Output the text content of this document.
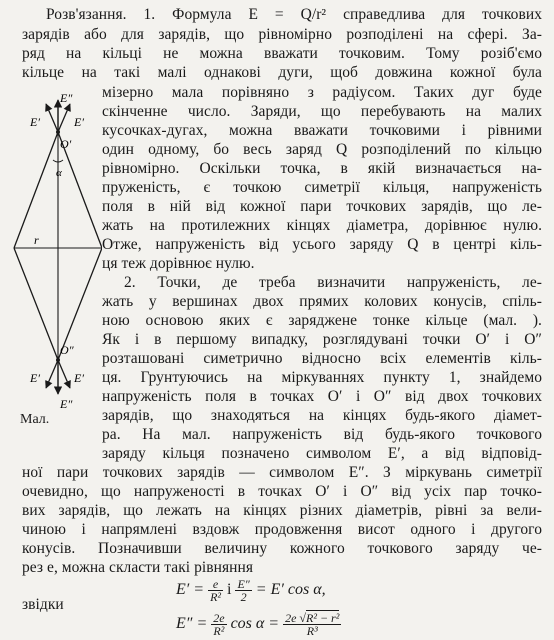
Розв'язання. 1. Формула E = Q/r² справедлива для точкових
зарядів або для зарядів, що рівномірно розподілені на сфері. За-
ряд на кільці не можна вважати точковим. Тому розіб'ємо
кільце на такі малі однакові дуги, щоб довжина кожної була
мізерно мала порівняно з радіусом. Таких дуг буде
скінченне число. Заряди, що перебувають на малих
кусочках-дугах, можна вважати точковими і рівними
один одному, бо весь заряд Q розподілений по кільцю
рівномірно. Оскільки точка, в якій визначається на-
пруженість, є точкою симетрії кільця, напруженість
поля в ній від кожної пари точкових зарядів, що ле-
жать на протилежних кінцях діаметра, дорівнює нулю.
Отже, напруженість від усього заряду Q в центрі кіль-
ця теж дорівнює нулю.
2. Точки, де треба визначити напруженість, ле-
жать у вершинах двох прямих колових конусів, спіль-
ною основою яких є заряджене тонке кільце (мал. ).
Як і в першому випадку, розглядувані точки O′ і O″
розташовані симетрично відносно всіх елементів кіль-
ця. Грунтуючись на міркуваннях пункту 1, знайдемо
напруженість поля в точках O′ і O″ від двох точкових
зарядів, що знаходяться на кінцях будь-якого діамет-
ра. На мал. напруженість від будь-якого точкового
заряду кільця позначено символом E′, а від відповід-
ної пари точкових зарядів — символом E″. З міркувань симетрії
очевидно, що напруженості в точках O′ і O″ від усіх пар точко-
вих зарядів, що лежать на кінцях різних діаметрів, рівні за вели-
чиною і напрямлені вздовж продовження висот одного і другого
конусів. Позначивши величину кожного точкового заряду че-
рез e, можна скласти такі рівняння
E″
E′	E′
O′
α
r
O″
E′	E′
E″
Мал.
$E' = \frac{e}{\text{R²}}$ і $\frac{E''}{2} = E'$ cos α,
звідки
$E'' = \frac{2e}{\text{R²}}$ $\cos \alpha = \frac{\text{2e √R² − r²}}{\text{R³}}$
